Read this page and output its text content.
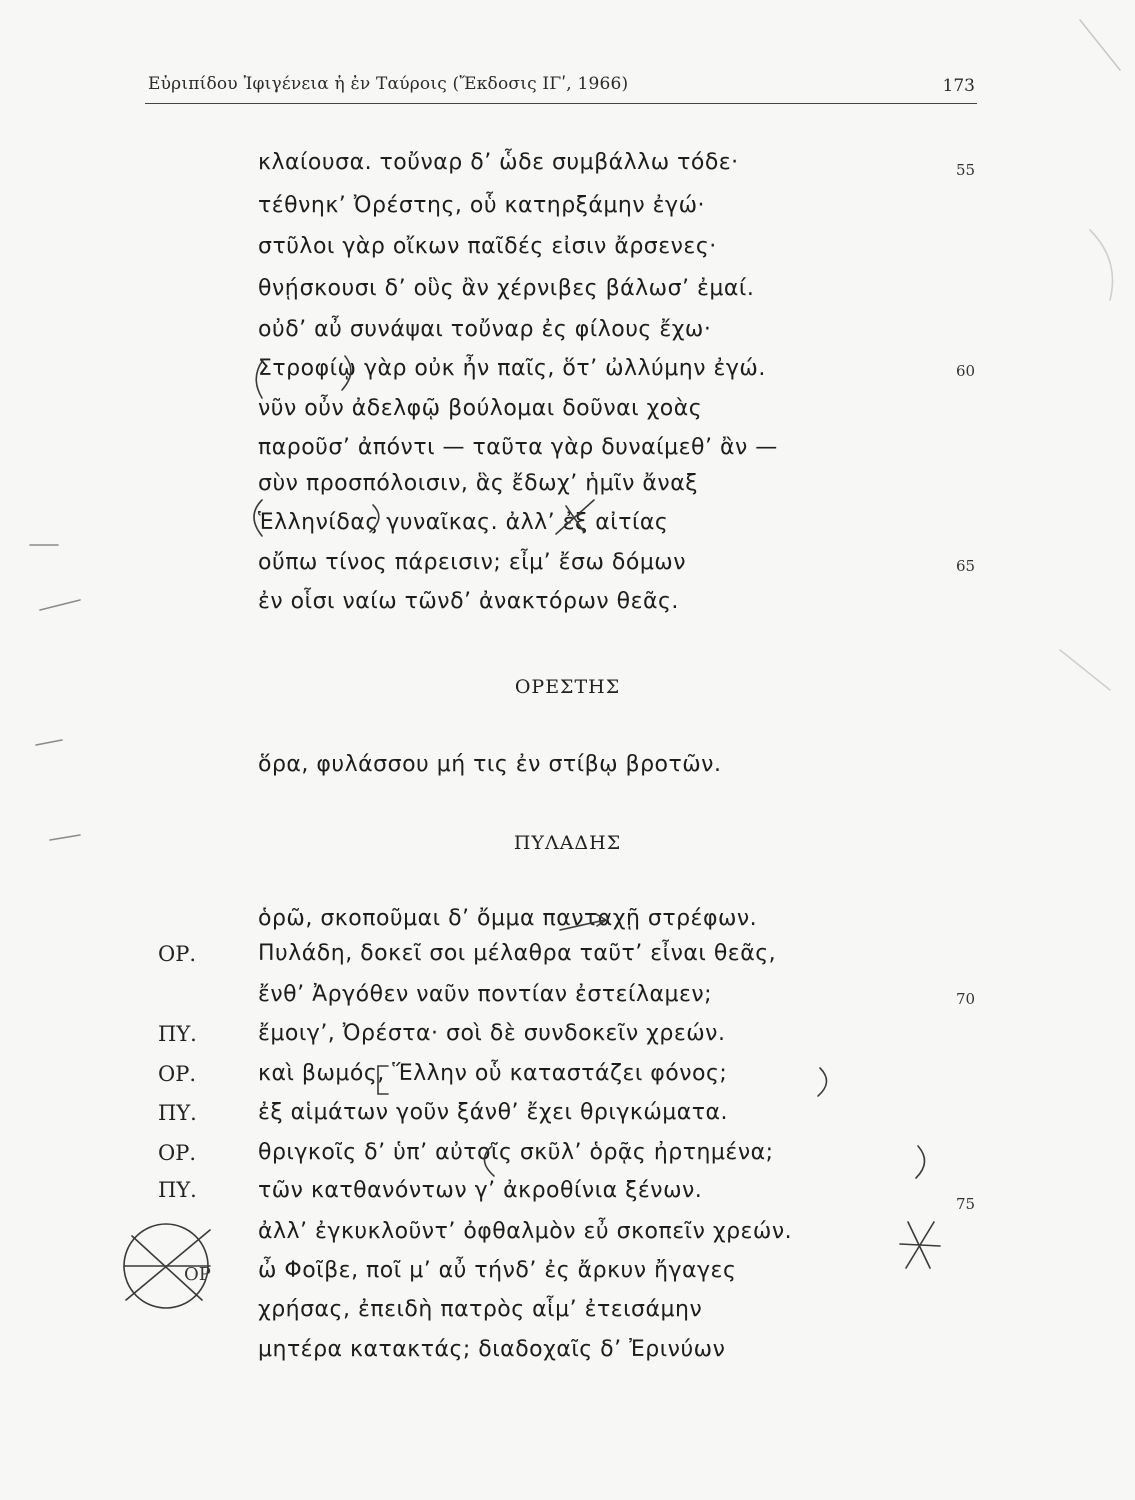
Εὐριπίδου Ἰφιγένεια ἡ ἐν Ταύροις (Ἔκδοσις ΙΓʹ, 1966)	173
κλαίουσα. τοὔναρ δ’ ὧδε συμβάλλω τόδε·	55
τέθνηκ’ Ὀρέστης, οὗ κατηρξάμην ἐγώ·
στῦλοι γὰρ οἴκων παῖδές εἰσιν ἄρσενες·
θνῄσκουσι δ’ οὓς ἂν χέρνιβες βάλωσ’ ἐμαί.
οὐδ’ αὖ συνάψαι τοὔναρ ἐς φίλους ἔχω·
Στροφίῳ γὰρ οὐκ ἦν παῖς, ὅτ’ ὠλλύμην ἐγώ.	60
νῦν οὖν ἀδελφῷ βούλομαι δοῦναι χοὰς
παροῦσ’ ἀπόντι — ταῦτα γὰρ δυναίμεθ’ ἂν —
σὺν προσπόλοισιν, ἃς ἔδωχ’ ἡμῖν ἄναξ
Ἑλληνίδας γυναῖκας. ἀλλ’ ἐξ αἰτίας
οὔπω τίνος πάρεισιν; εἶμ’ ἔσω δόμων	65
ἐν οἷσι ναίω τῶνδ’ ἀνακτόρων θεᾶς.
ΟΡΕΣΤΗΣ
ὅρα, φυλάσσου μή τις ἐν στίβῳ βροτῶν.
ΠΥΛΑΔΗΣ
ὁρῶ, σκοποῦμαι δ’ ὄμμα πανταχῇ στρέφων.
ΟΡ.	Πυλάδη, δοκεῖ σοι μέλαθρα ταῦτ’ εἶναι θεᾶς,
ἔνθ’ Ἀργόθεν ναῦν ποντίαν ἐστείλαμεν;	70
ΠΥ.	ἔμοιγ’, Ὀρέστα· σοὶ δὲ συνδοκεῖν χρεών.
ΟΡ.	καὶ βωμός, Ἕλλην οὗ καταστάζει φόνος;
ΠΥ.	ἐξ αἱμάτων γοῦν ξάνθ’ ἔχει θριγκώματα.
ΟΡ.	θριγκοῖς δ’ ὑπ’ αὐτοῖς σκῦλ’ ὁρᾷς ἠρτημένα;
ΠΥ.	τῶν κατθανόντων γ’ ἀκροθίνια ξένων.
75
ἀλλ’ ἐγκυκλοῦντ’ ὀφθαλμὸν εὖ σκοπεῖν χρεών.
ὦ Φοῖβε, ποῖ μ’ αὖ τήνδ’ ἐς ἄρκυν ἤγαγες
χρήσας, ἐπειδὴ πατρὸς αἷμ’ ἐτεισάμην
μητέρα κατακτάς; διαδοχαῖς δ’ Ἐρινύων
ΟΡ
